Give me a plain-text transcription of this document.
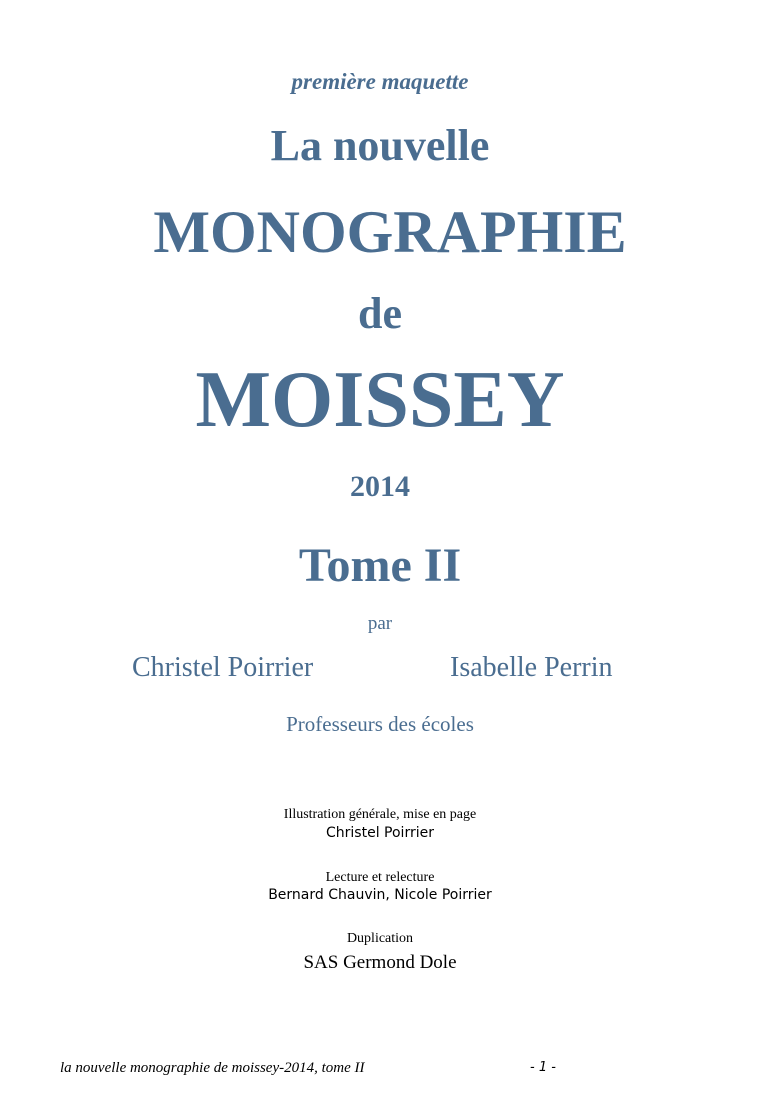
première maquette
La nouvelle
MONOGRAPHIE
de
MOISSEY
2014
Tome II
par
Christel Poirrier	Isabelle Perrin
Professeurs des écoles
Illustration générale, mise en page
Christel Poirrier
Lecture et relecture
Bernard Chauvin, Nicole Poirrier
Duplication
SAS Germond Dole
la nouvelle monographie de moissey-2014, tome II	- 1 -
